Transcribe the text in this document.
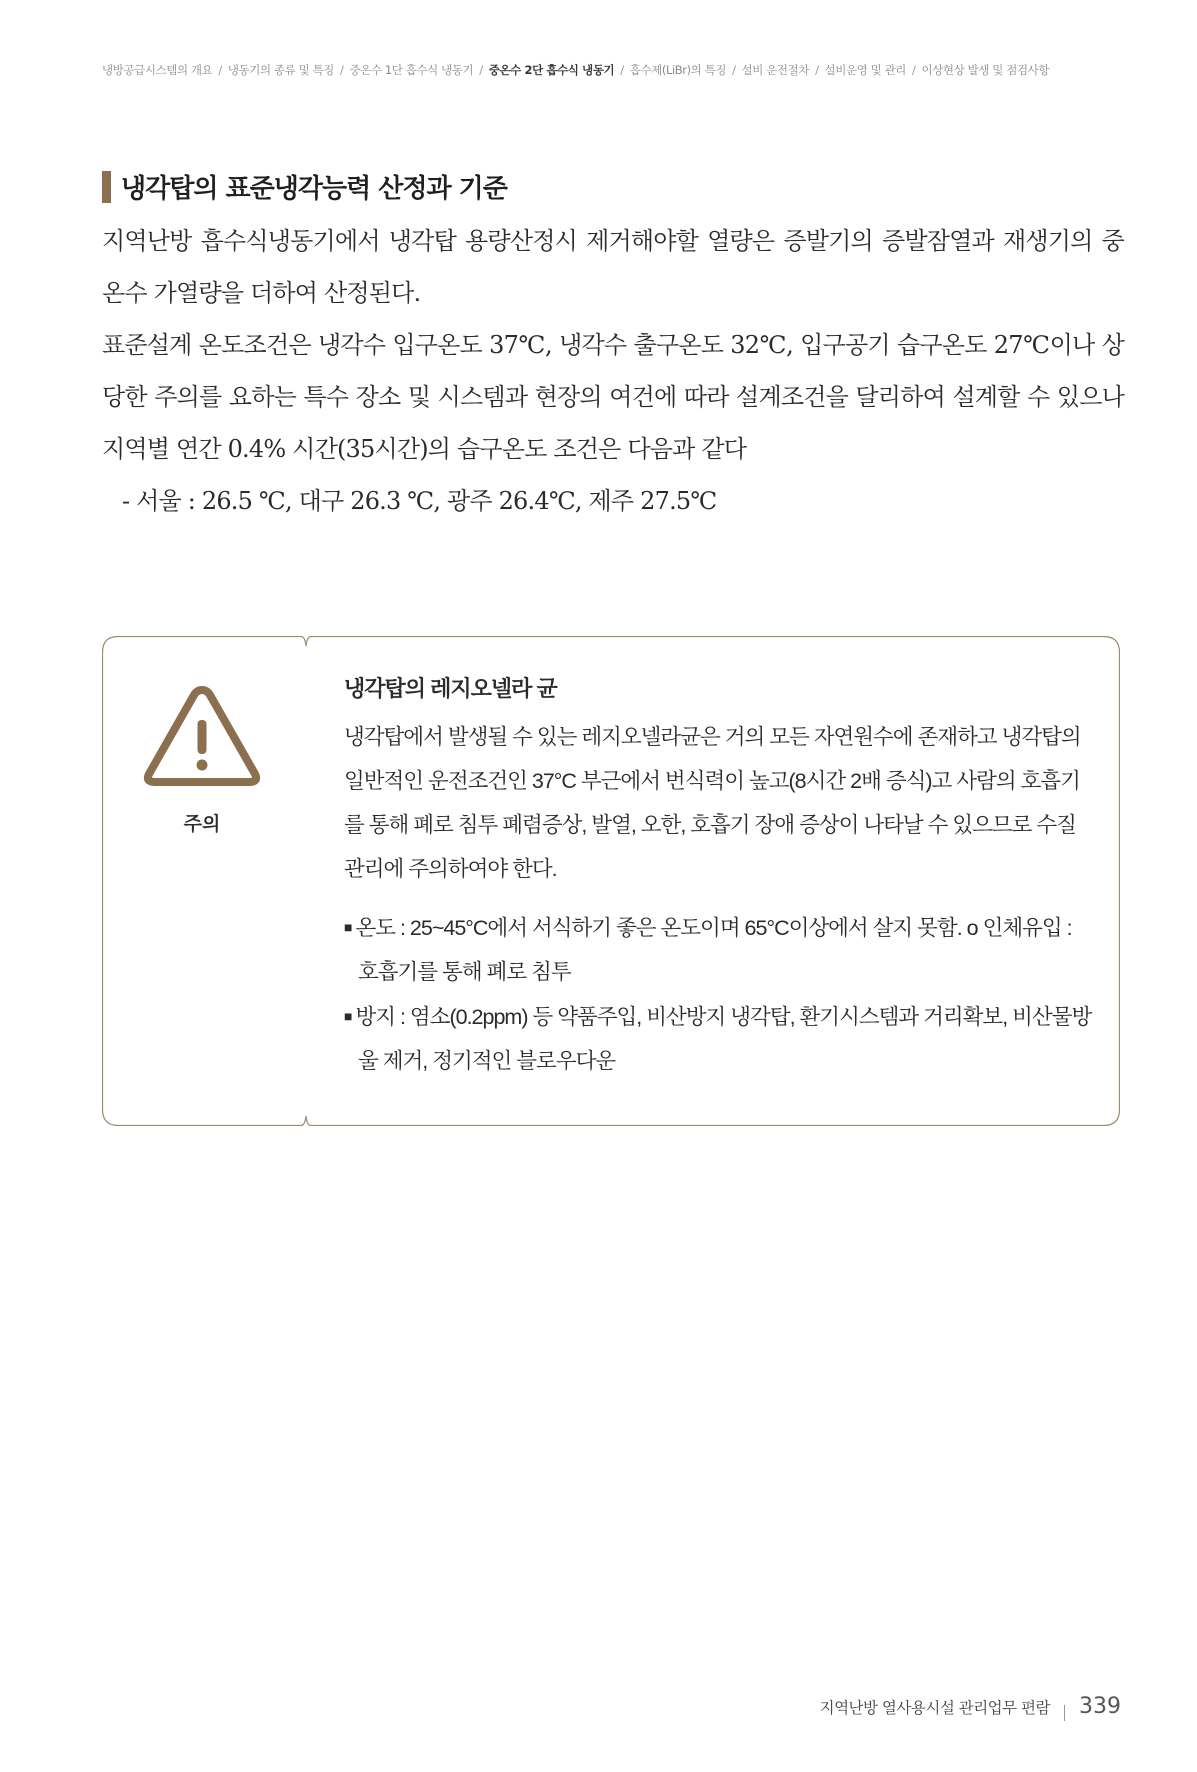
냉방공급시스템의 개요 / 냉동기의 종류 및 특징 / 중온수 1단 흡수식 냉동기 / 중온수 2단 흡수식 냉동기 / 흡수제(LiBr)의 특징 / 설비 운전절차 / 설비운영 및 관리 / 이상현상 발생 및 점검사항
냉각탑의 표준냉각능력 산정과 기준

지역난방 흡수식냉동기에서 냉각탑 용량산정시 제거해야할 열량은 증발기의 증발잠열과 재생기의 중온수 가열량을 더하여 산정된다.

표준설계 온도조건은 냉각수 입구온도 37℃, 냉각수 출구온도 32℃, 입구공기 습구온도 27℃이나 상당한 주의를 요하는 특수 장소 및 시스템과 현장의 여건에 따라 설계조건을 달리하여 설계할 수 있으나 지역별 연간 0.4% 시간(35시간)의 습구온도 조건은 다음과 같다

- 서울 : 26.5 ℃, 대구 26.3 ℃, 광주 26.4℃, 제주 27.5℃

주의

냉각탑의 레지오넬라 균

냉각탑에서 발생될 수 있는 레지오넬라균은 거의 모든 자연원수에 존재하고 냉각탑의 일반적인 운전조건인 37°C 부근에서 번식력이 높고(8시간 2배 증식)고 사람의 호흡기를 통해 폐로 침투 폐렴증상, 발열, 오한, 호흡기 장애 증상이 나타날 수 있으므로 수질관리에 주의하여야 한다.

■ 온도 : 25~45°C에서 서식하기 좋은 온도이며 65°C이상에서 살지 못함. ο 인체유입 : 호흡기를 통해 폐로 침투
■ 방지 : 염소(0.2ppm) 등 약품주입, 비산방지 냉각탑, 환기시스템과 거리확보, 비산물방울 제거, 정기적인 블로우다운
지역난방 열사용시설 관리업무 편람 339
